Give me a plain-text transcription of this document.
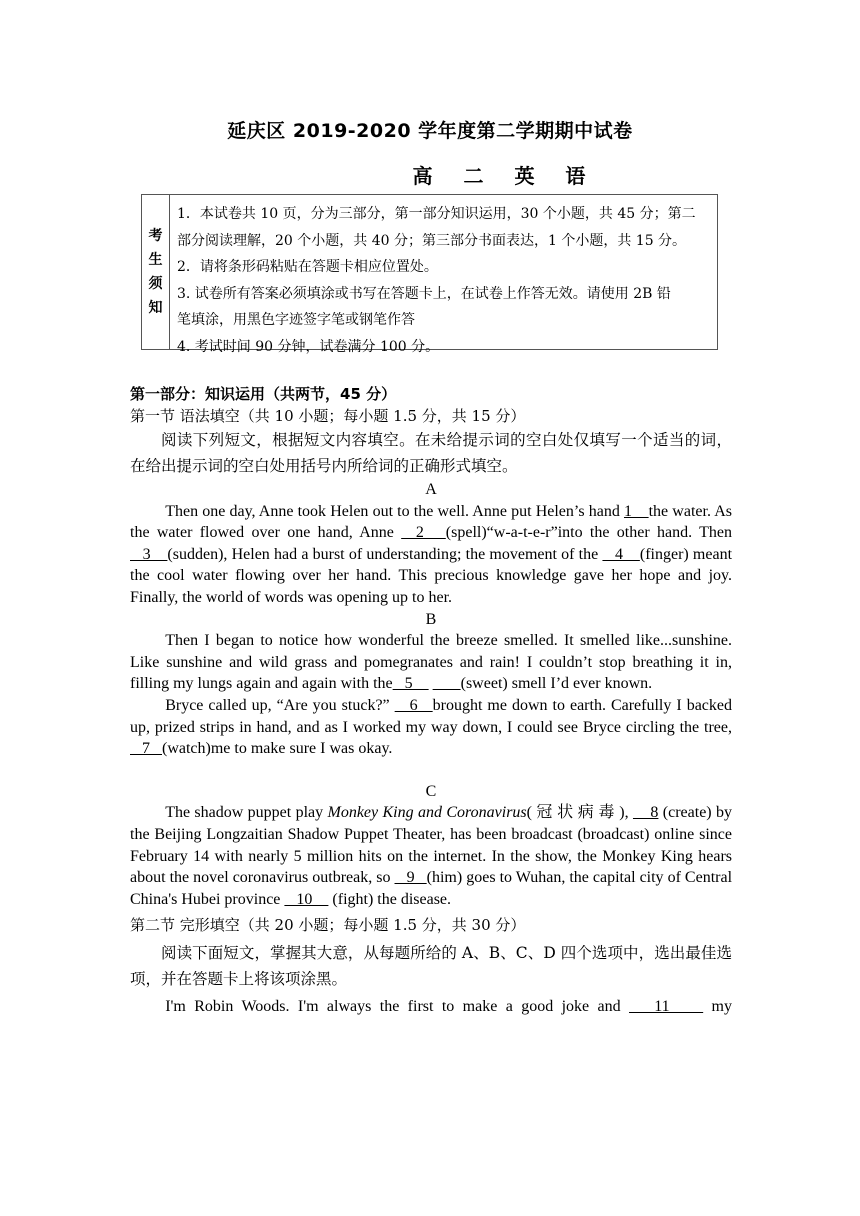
延庆区 2019-2020 学年度第二学期期中试卷
高 二 英 语
考
生
须
知
1．本试卷共 10 页，分为三部分，第一部分知识运用，30 个小题，共 45 分；第二
部分阅读理解，20 个小题，共 40 分；第三部分书面表达，1 个小题，共 15 分。
2．请将条形码粘贴在答题卡相应位置处。
3. 试卷所有答案必须填涂或书写在答题卡上，在试卷上作答无效。请使用 2B 铅
笔填涂，用黑色字迹签字笔或钢笔作答
4. 考试时间 90 分钟，试卷满分 100 分。
第一部分：知识运用（共两节，45 分）
第一节 语法填空（共 10 小题；每小题 1.5 分，共 15 分）
阅读下列短文，根据短文内容填空。在未给提示词的空白处仅填写一个适当的词，在给出提示词的空白处用括号内所给词的正确形式填空。
A

Then one day, Anne took Helen out to the well. Anne put Helen’s hand 1    the water. As the water flowed over one hand, Anne   2   (spell)“w-a-t-e-r”into the other hand. Then    3    (sudden), Helen had a burst of understanding; the movement of the    4    (finger) meant the cool water flowing over her hand. This precious knowledge gave her hope and joy. Finally, the world of words was opening up to her.

B

Then I began to notice how wonderful the breeze smelled. It smelled like...sunshine. Like sunshine and wild grass and pomegranates and rain! I couldn’t stop breathing it in, filling my lungs again and again with the   5            (sweet) smell I’d ever known.

Bryce called up, “Are you stuck?”    6   brought me down to earth. Carefully I backed up, prized strips in hand, and as I worked my way down, I could see Bryce circling the tree,    7   (watch)me to make sure I was okay.

C

The shadow puppet play Monkey King and Coronavirus( 冠 状 病 毒 ),     8 (create) by the Beijing Longzaitian Shadow Puppet Theater, has been broadcast (broadcast) online since February 14 with nearly 5 million hits on the internet. In the show, the Monkey King hears about the novel coronavirus outbreak, so    9   (him) goes to Wuhan, the capital city of Central China's Hubei province    10     (fight) the disease.

第二节 完形填空（共 20 小题；每小题 1.5 分，共 30 分）
阅读下面短文，掌握其大意，从每题所给的 A、B、C、D 四个选项中，选出最佳选项，并在答题卡上将该项涂黑。

I'm Robin Woods. I'm always the first to make a good joke and    11     my
